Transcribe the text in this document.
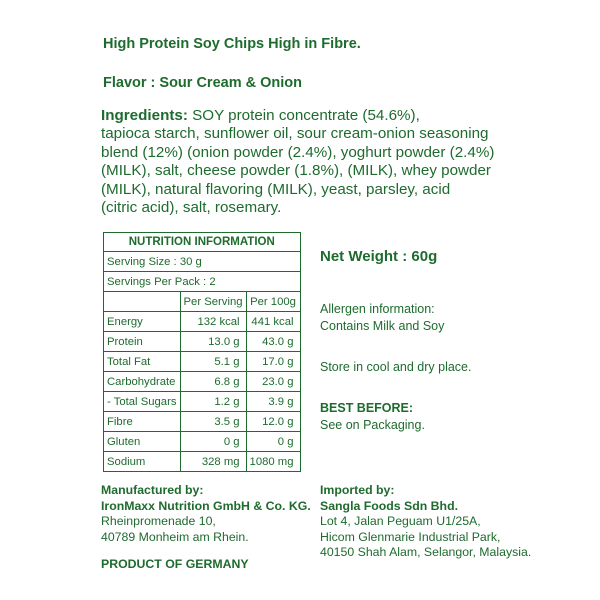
High Protein Soy Chips High in Fibre.
Flavor : Sour Cream & Onion
Ingredients: SOY protein concentrate (54.6%),
tapioca starch, sunflower oil, sour cream-onion seasoning
blend (12%) (onion powder (2.4%), yoghurt powder (2.4%)
(MILK), salt, cheese powder (1.8%), (MILK), whey powder
(MILK), natural flavoring (MILK), yeast, parsley, acid
(citric acid), salt, rosemary.
NUTRITION INFORMATION		
Serving Size : 30 g		
Servings Per Pack : 2		
	Per Serving	Per 100g
Energy	132 kcal	441 kcal
Protein	13.0 g	43.0 g
Total Fat	5.1 g	17.0 g
Carbohydrate	6.8 g	23.0 g
- Total Sugars	1.2 g	3.9 g
Fibre	3.5 g	12.0 g
Gluten	0 g	0 g
Sodium	328 mg	1080 mg
Net Weight : 60g
Allergen information:
Contains Milk and Soy
Store in cool and dry place.
BEST BEFORE:
See on Packaging.
Manufactured by:
IronMaxx Nutrition GmbH & Co. KG.
Rheinpromenade 10,
40789 Monheim am Rhein.
Imported by:
Sangla Foods Sdn Bhd.
Lot 4, Jalan Peguam U1/25A,
Hicom Glenmarie Industrial Park,
40150 Shah Alam, Selangor, Malaysia.
PRODUCT OF GERMANY
